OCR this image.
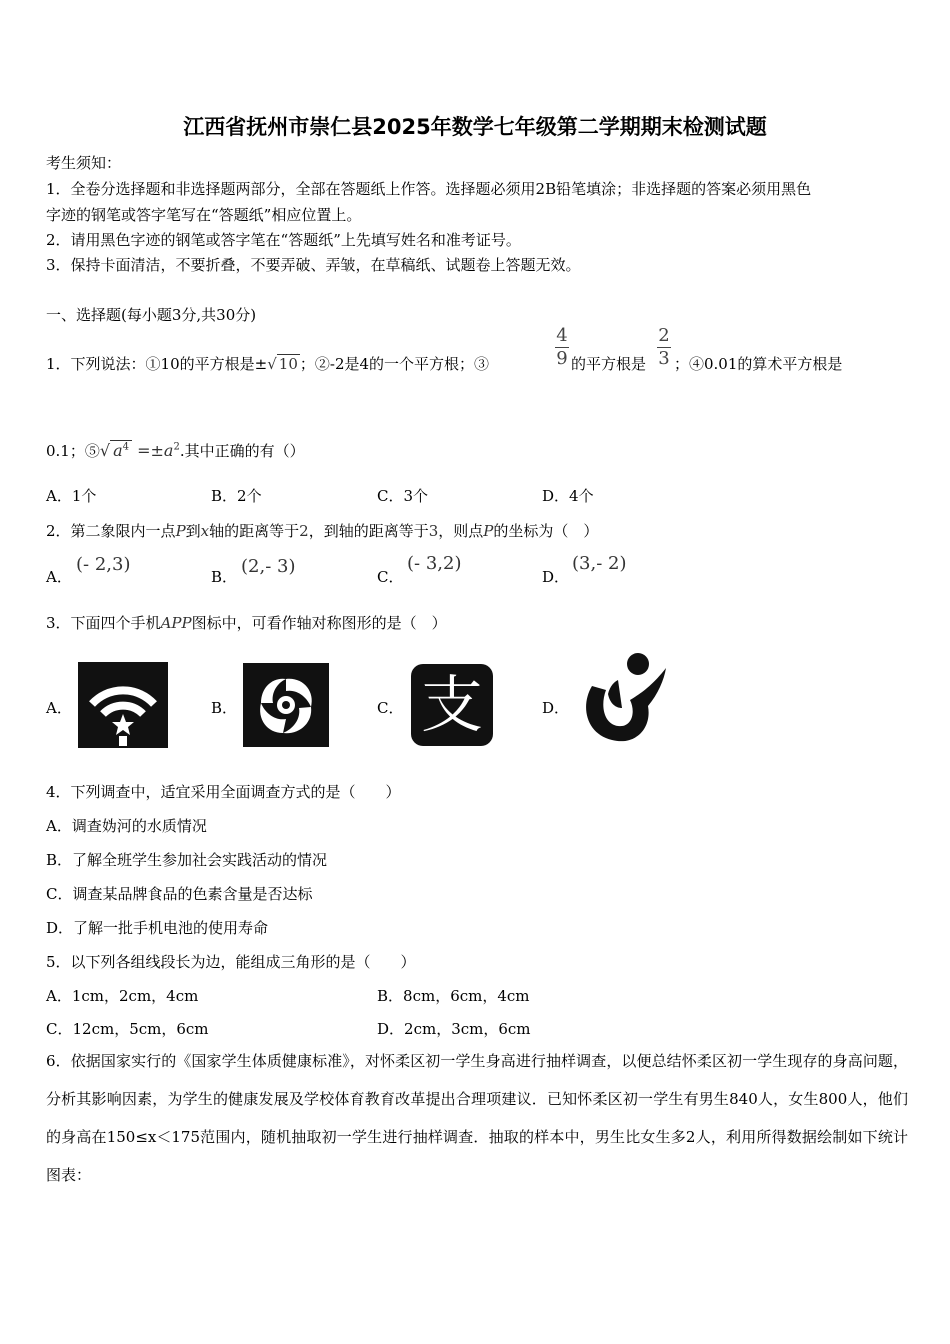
江西省抚州市崇仁县2025年数学七年级第二学期期末检测试题
考生须知：
1．全卷分选择题和非选择题两部分，全部在答题纸上作答。选择题必须用2B铅笔填涂；非选择题的答案必须用黑色
字迹的钢笔或答字笔写在“答题纸”相应位置上。
2．请用黑色字迹的钢笔或答字笔在“答题纸”上先填写姓名和准考证号。
3．保持卡面清洁，不要折叠，不要弄破、弄皱，在草稿纸、试题卷上答题无效。
一、选择题(每小题3分,共30分)
1．下列说法：①10的平方根是±√ 10 ；②-2是4的一个平方根；③
4
9 的平方根是
2
3 ；④0.01的算术平方根是
0.1；⑤√ $a^4 =\pm a^2$.其中正确的有（）
A．1个	B．2个	C．3个	D．4个
2．第二象限内一点P到x轴的距离等于2，到轴的距离等于3，则点P的坐标为（　）
A．
(- 2,3)
B． (2,- 3)	C．
(- 3,2)
D．
(3,- 2)
3．下面四个手机APP图标中，可看作轴对称图形的是（　）
A．	B．	C． 支	D．
4．下列调查中，适宜采用全面调查方式的是（　　）
A．调查妫河的水质情况
B．了解全班学生参加社会实践活动的情况
C．调查某品牌食品的色素含量是否达标
D．了解一批手机电池的使用寿命
5．以下列各组线段长为边，能组成三角形的是（　　）
A．1cm，2cm，4cm	B．8cm，6cm，4cm
C．12cm，5cm，6cm	D．2cm，3cm，6cm
6．依据国家实行的《国家学生体质健康标准》，对怀柔区初一学生身高进行抽样调查，以便总结怀柔区初一学生现存的身高问题，分析其影响因素，为学生的健康发展及学校体育教育改革提出合理项建议．已知怀柔区初一学生有男生840人，女生800人，他们的身高在150≤x＜175范围内，随机抽取初一学生进行抽样调查．抽取的样本中，男生比女生多2人，利用所得数据绘制如下统计图表：
